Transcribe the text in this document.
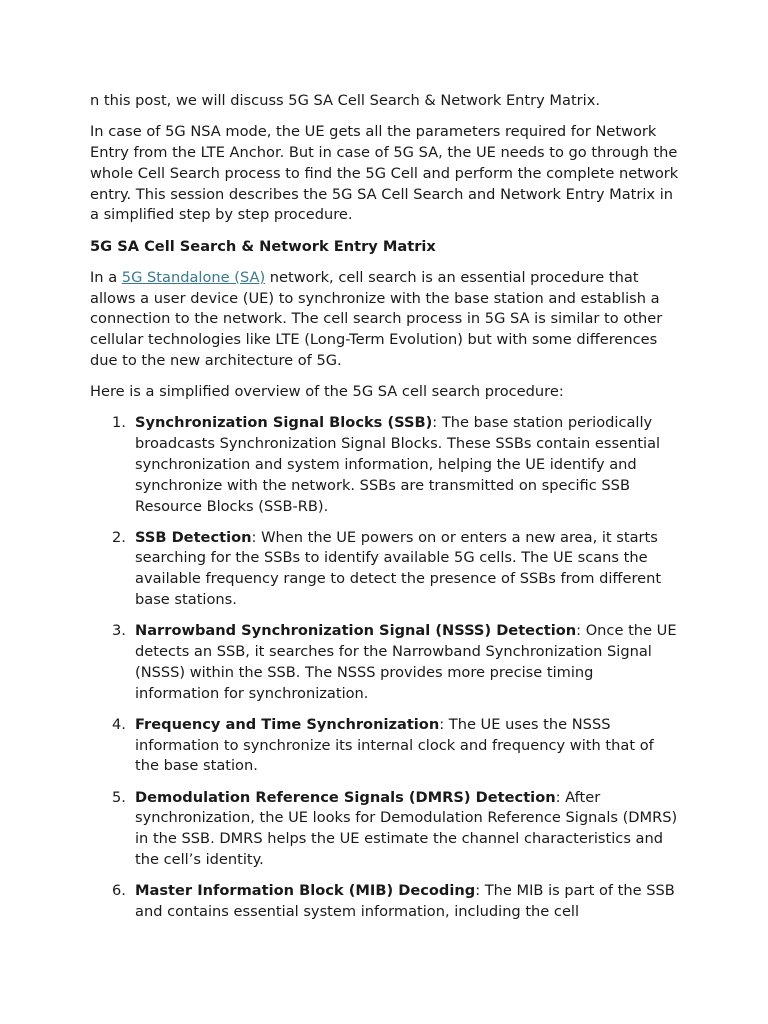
n this post, we will discuss 5G SA Cell Search & Network Entry Matrix.

In case of 5G NSA mode, the UE gets all the parameters required for Network Entry from the LTE Anchor. But in case of 5G SA, the UE needs to go through the whole Cell Search process to find the 5G Cell and perform the complete network entry. This session describes the 5G SA Cell Search and Network Entry Matrix in a simplified step by step procedure.

5G SA Cell Search & Network Entry Matrix

In a 5G Standalone (SA) network, cell search is an essential procedure that allows a user device (UE) to synchronize with the base station and establish a connection to the network. The cell search process in 5G SA is similar to other cellular technologies like LTE (Long-Term Evolution) but with some differences due to the new architecture of 5G.

Here is a simplified overview of the 5G SA cell search procedure:

1. Synchronization Signal Blocks (SSB): The base station periodically broadcasts Synchronization Signal Blocks. These SSBs contain essential synchronization and system information, helping the UE identify and synchronize with the network. SSBs are transmitted on specific SSB Resource Blocks (SSB-RB).
2. SSB Detection: When the UE powers on or enters a new area, it starts searching for the SSBs to identify available 5G cells. The UE scans the available frequency range to detect the presence of SSBs from different base stations.
3. Narrowband Synchronization Signal (NSSS) Detection: Once the UE detects an SSB, it searches for the Narrowband Synchronization Signal (NSSS) within the SSB. The NSSS provides more precise timing information for synchronization.
4. Frequency and Time Synchronization: The UE uses the NSSS information to synchronize its internal clock and frequency with that of the base station.
5. Demodulation Reference Signals (DMRS) Detection: After synchronization, the UE looks for Demodulation Reference Signals (DMRS) in the SSB. DMRS helps the UE estimate the channel characteristics and the cell’s identity.
6. Master Information Block (MIB) Decoding: The MIB is part of the SSB and contains essential system information, including the cell
